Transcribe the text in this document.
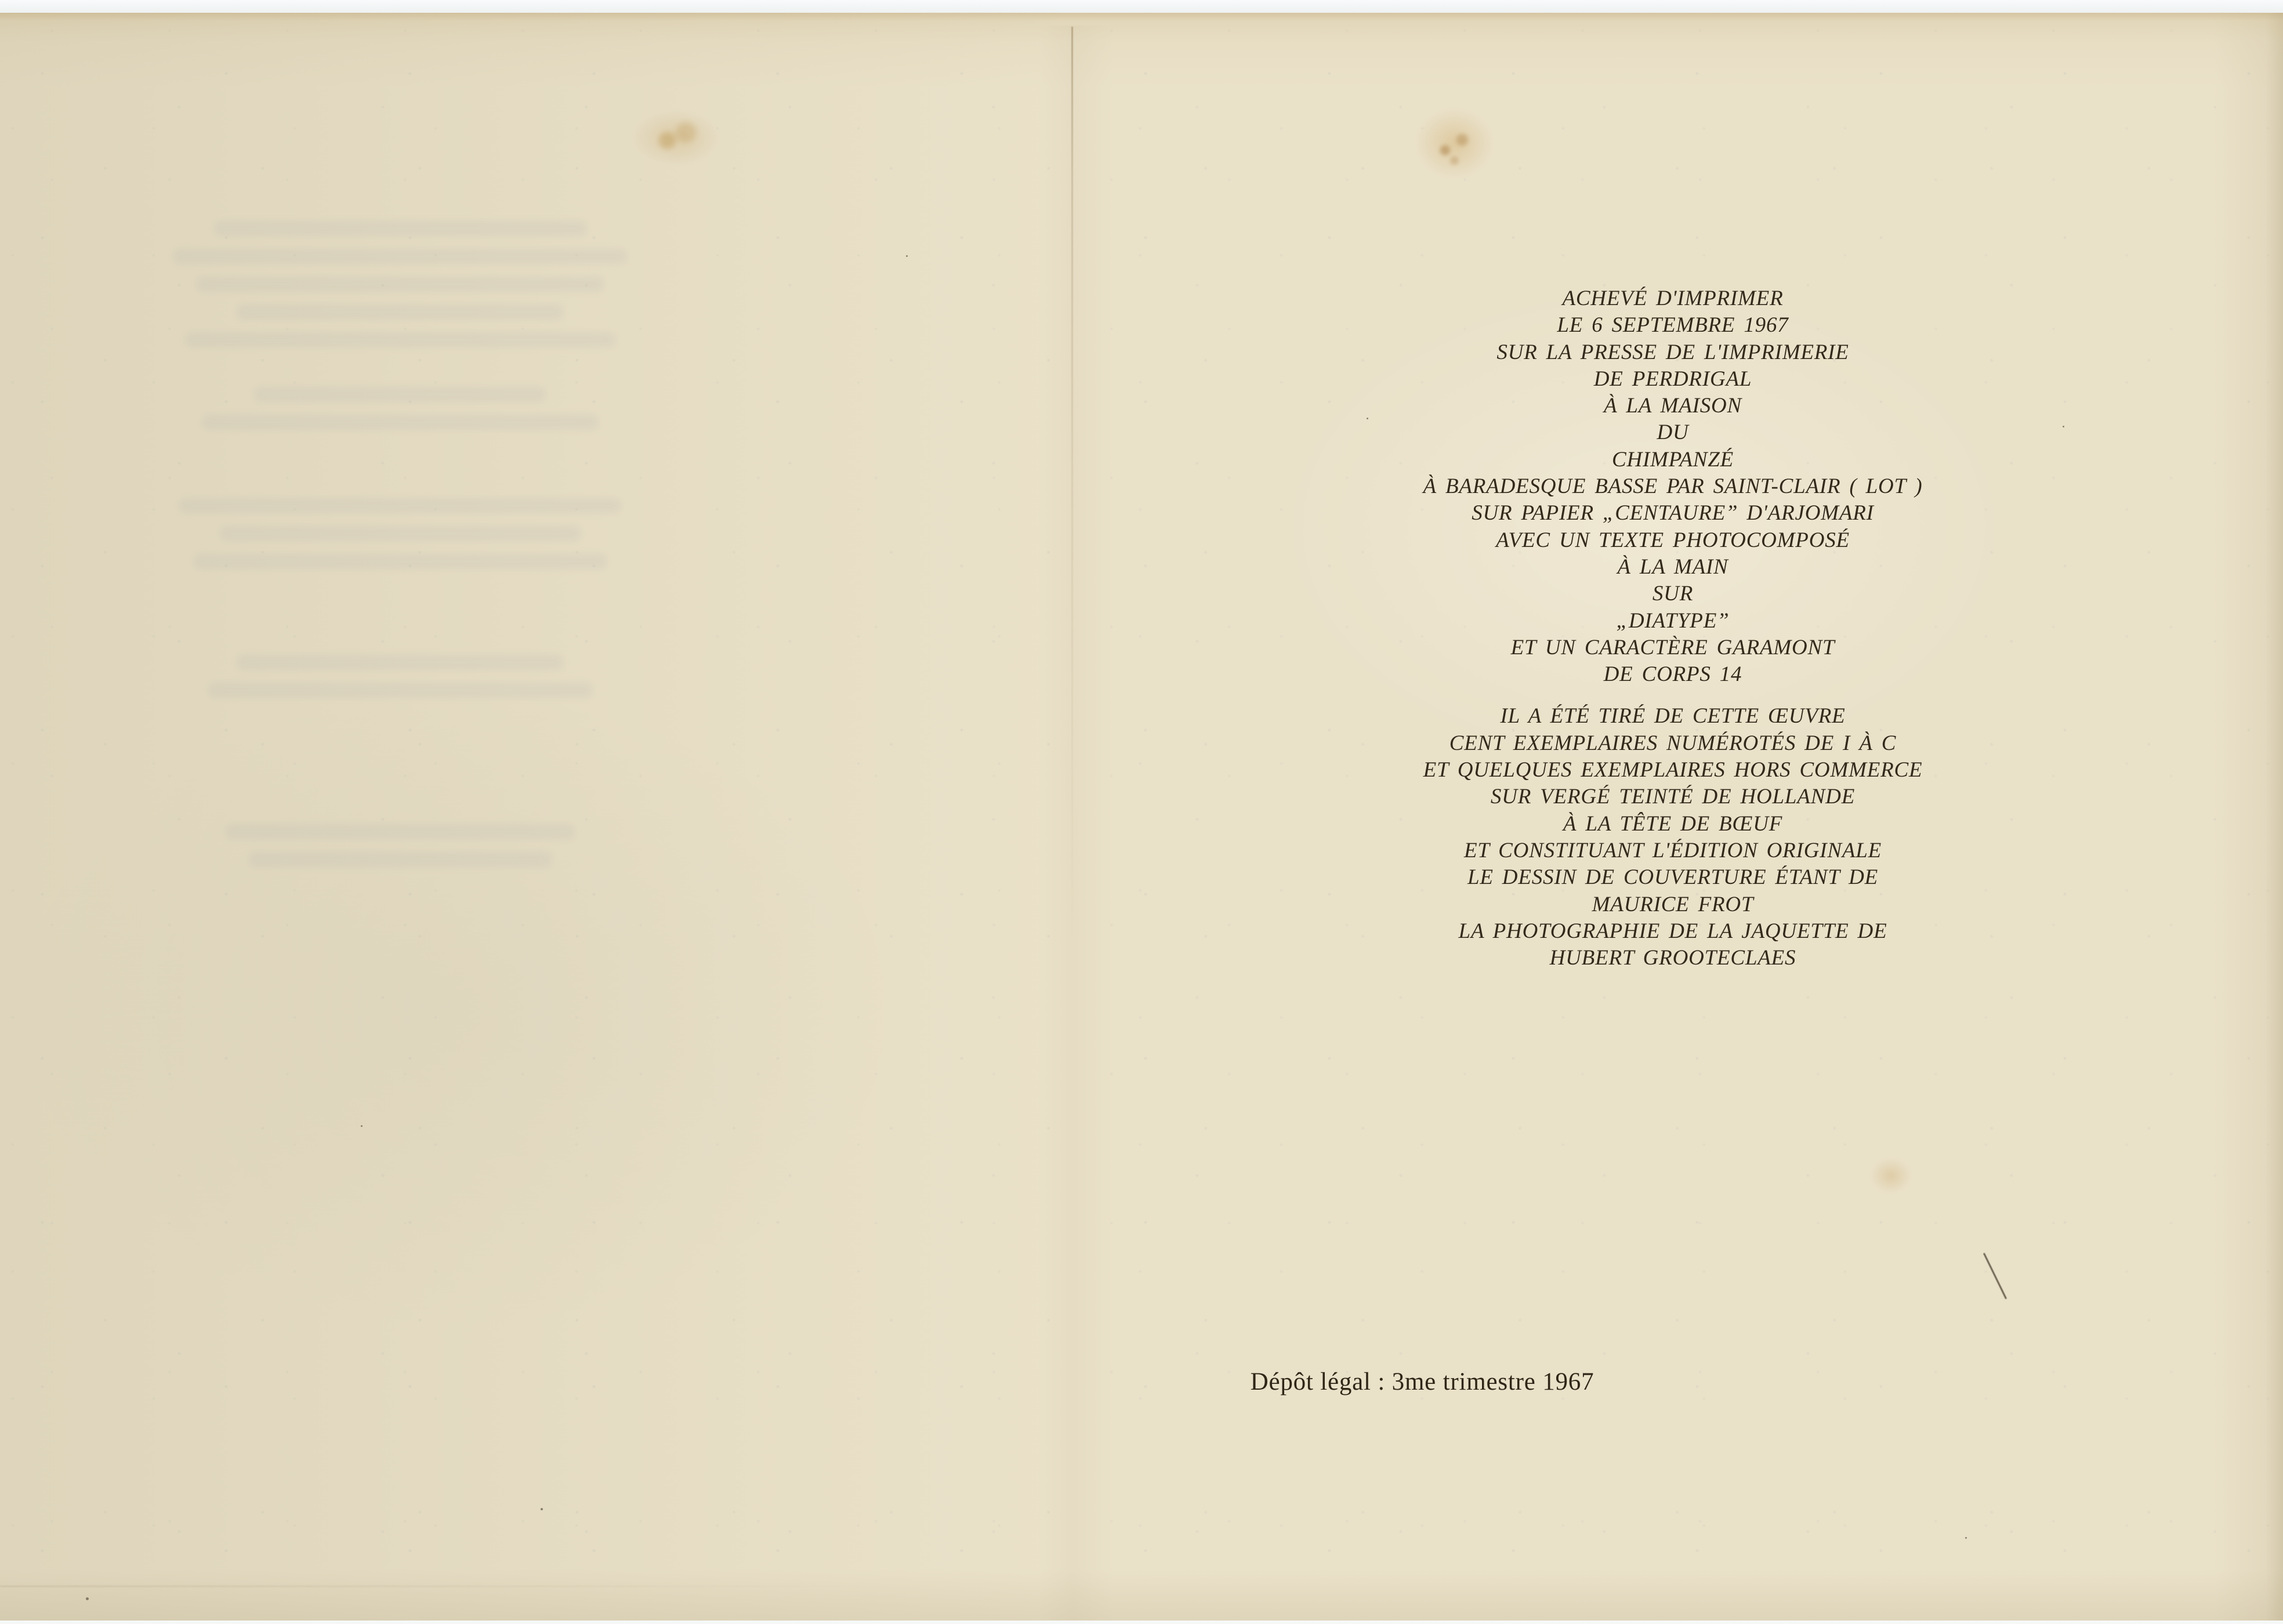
ACHEVÉ D'IMPRIMER
LE 6 SEPTEMBRE 1967
SUR LA PRESSE DE L'IMPRIMERIE
DE PERDRIGAL
À LA MAISON
DU
CHIMPANZÉ
À BARADESQUE BASSE PAR SAINT-CLAIR ( LOT )
SUR PAPIER „CENTAURE” D'ARJOMARI
AVEC UN TEXTE PHOTOCOMPOSÉ
À LA MAIN
SUR
„DIATYPE”
ET UN CARACTÈRE GARAMONT
DE CORPS 14
IL A ÉTÉ TIRÉ DE CETTE ŒUVRE
CENT EXEMPLAIRES NUMÉROTÉS DE I À C
ET QUELQUES EXEMPLAIRES HORS COMMERCE
SUR VERGÉ TEINTÉ DE HOLLANDE
À LA TÊTE DE BŒUF
ET CONSTITUANT L'ÉDITION ORIGINALE
LE DESSIN DE COUVERTURE ÉTANT DE
MAURICE FROT
LA PHOTOGRAPHIE DE LA JAQUETTE DE
HUBERT GROOTECLAES
Dépôt légal : 3me trimestre 1967
